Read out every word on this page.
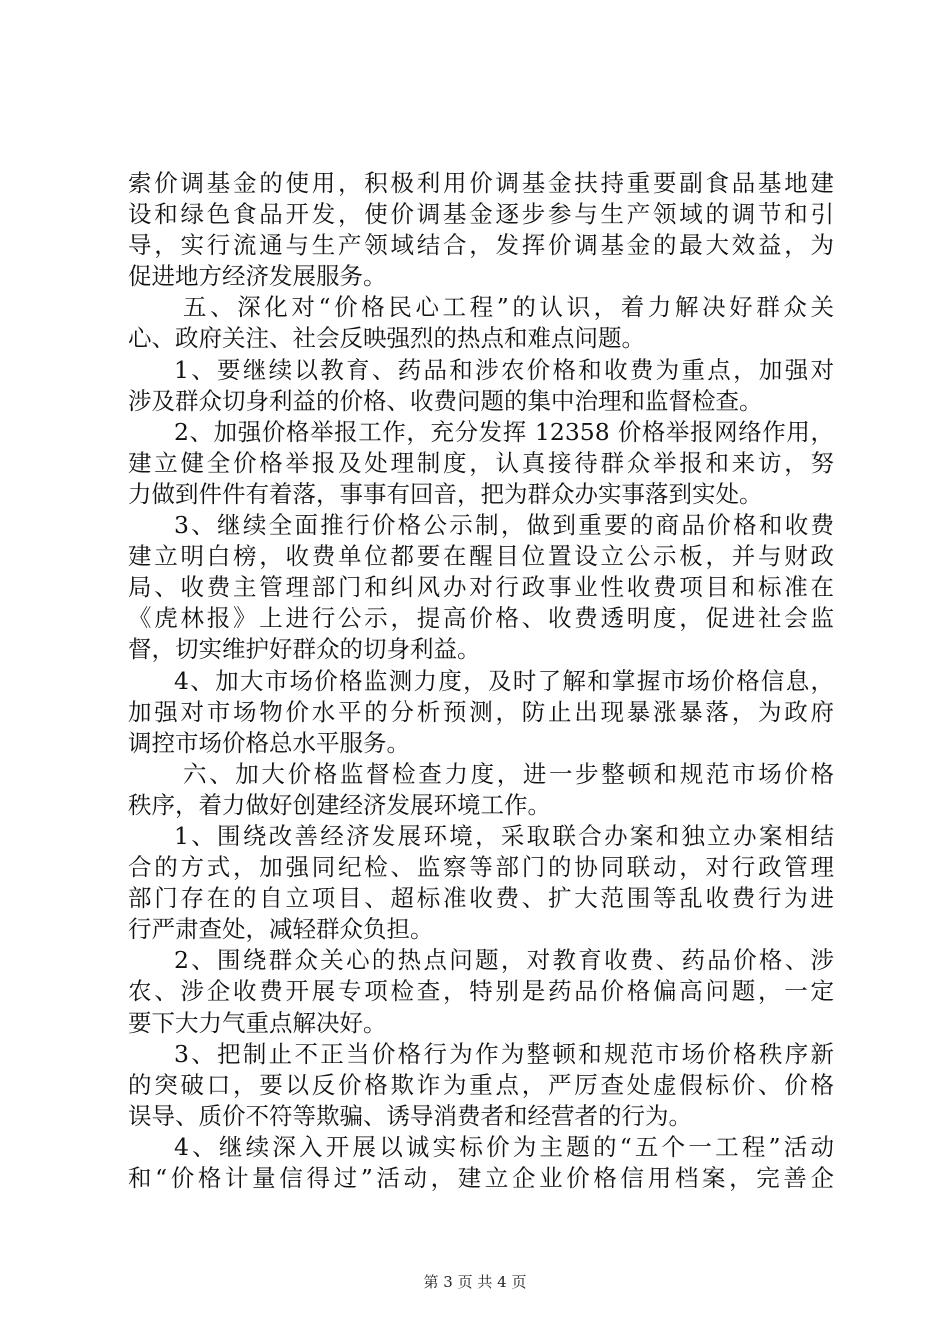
索价调基金的使用，积极利用价调基金扶持重要副食品基地建
设和绿色食品开发，使价调基金逐步参与生产领域的调节和引
导，实行流通与生产领域结合，发挥价调基金的最大效益，为
促进地方经济发展服务。
五、深化对“价格民心工程”的认识，着力解决好群众关
心、政府关注、社会反映强烈的热点和难点问题。
1、要继续以教育、药品和涉农价格和收费为重点，加强对
涉及群众切身利益的价格、收费问题的集中治理和监督检查。
2、加强价格举报工作，充分发挥 12358 价格举报网络作用，
建立健全价格举报及处理制度，认真接待群众举报和来访，努
力做到件件有着落，事事有回音，把为群众办实事落到实处。
3、继续全面推行价格公示制，做到重要的商品价格和收费
建立明白榜，收费单位都要在醒目位置设立公示板，并与财政
局、收费主管理部门和纠风办对行政事业性收费项目和标准在
《虎林报》上进行公示，提高价格、收费透明度，促进社会监
督，切实维护好群众的切身利益。
4、加大市场价格监测力度，及时了解和掌握市场价格信息，
加强对市场物价水平的分析预测，防止出现暴涨暴落，为政府
调控市场价格总水平服务。
六、加大价格监督检查力度，进一步整顿和规范市场价格
秩序，着力做好创建经济发展环境工作。
1、围绕改善经济发展环境，采取联合办案和独立办案相结
合的方式，加强同纪检、监察等部门的协同联动，对行政管理
部门存在的自立项目、超标准收费、扩大范围等乱收费行为进
行严肃查处，减轻群众负担。
2、围绕群众关心的热点问题，对教育收费、药品价格、涉
农、涉企收费开展专项检查，特别是药品价格偏高问题，一定
要下大力气重点解决好。
3、把制止不正当价格行为作为整顿和规范市场价格秩序新
的突破口，要以反价格欺诈为重点，严厉查处虚假标价、价格
误导、质价不符等欺骗、诱导消费者和经营者的行为。
4、继续深入开展以诚实标价为主题的“五个一工程”活动
和“价格计量信得过”活动，建立企业价格信用档案，完善企
第 3 页 共 4 页
